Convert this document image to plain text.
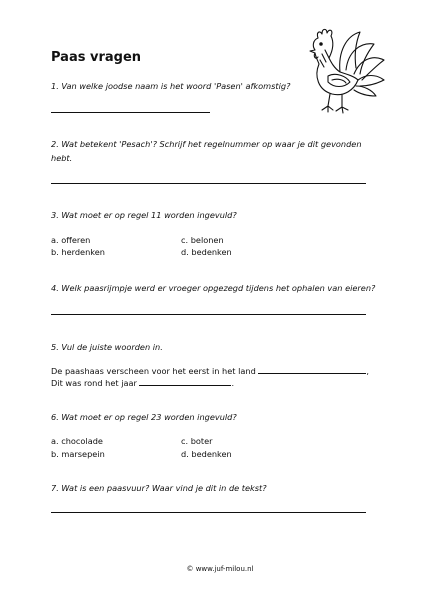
Paas vragen
1. Van welke joodse naam is het woord 'Pasen' afkomstig?
2. Wat betekent 'Pesach'? Schrijf het regelnummer op waar je dit gevonden hebt.
3. Wat moet er op regel 11 worden ingevuld?
a. offeren	c. belonen
b. herdenken	d. bedenken
4. Welk paasrijmpje werd er vroeger opgezegd tijdens het ophalen van eieren?
5. Vul de juiste woorden in.
De paashaas verscheen voor het eerst in het land	,
Dit was rond het jaar	.
6. Wat moet er op regel 23 worden ingevuld?
a. chocolade	c. boter
b. marsepein	d. bedenken
7. Wat is een paasvuur? Waar vind je dit in de tekst?
© www.juf-milou.nl
